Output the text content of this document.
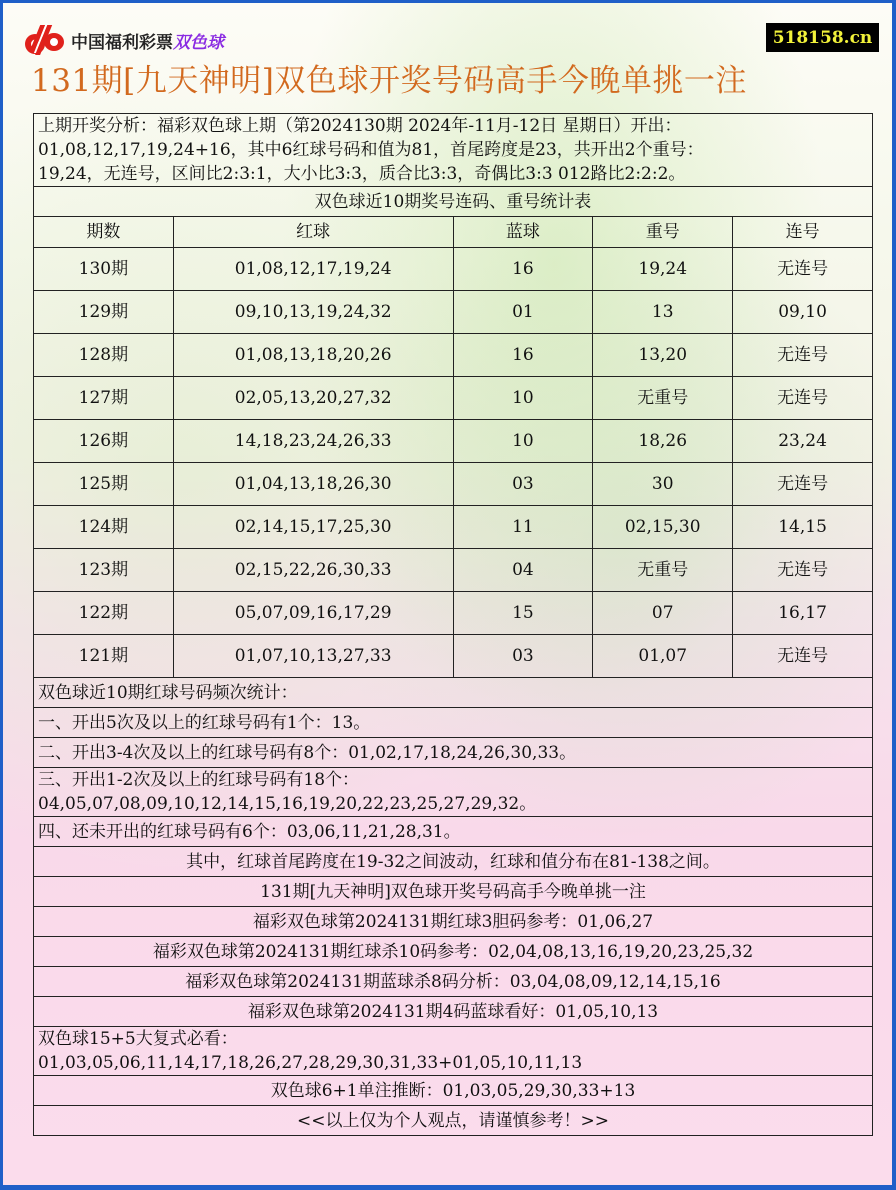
中国福利彩票双色球	518158.cn
131期[九天神明]双色球开奖号码高手今晚单挑一注
上期开奖分析：福彩双色球上期（第2024130期 2024年-11月-12日 星期日）开出：
01,08,12,17,19,24+16，其中6红球号码和值为81，首尾跨度是23，共开出2个重号：
19,24，无连号，区间比2:3:1，大小比3:3，质合比3:3，奇偶比3:3 012路比2:2:2。				

双色球近10期奖号连码、重号统计表				
期数	红球	蓝球	重号	连号
130期	01,08,12,17,19,24	16	19,24	无连号
129期	09,10,13,19,24,32	01	13	09,10
128期	01,08,13,18,20,26	16	13,20	无连号
127期	02,05,13,20,27,32	10	无重号	无连号
126期	14,18,23,24,26,33	10	18,26	23,24
125期	01,04,13,18,26,30	03	30	无连号
124期	02,14,15,17,25,30	11	02,15,30	14,15
123期	02,15,22,26,30,33	04	无重号	无连号
122期	05,07,09,16,17,29	15	07	16,17
121期	01,07,10,13,27,33	03	01,07	无连号
双色球近10期红球号码频次统计：				
一、开出5次及以上的红球号码有1个：13。				
二、开出3-4次及以上的红球号码有8个：01,02,17,18,24,26,30,33。				

三、开出1-2次及以上的红球号码有18个：
04,05,07,08,09,10,12,14,15,16,19,20,22,23,25,27,29,32。				

四、还未开出的红球号码有6个：03,06,11,21,28,31。				
其中，红球首尾跨度在19-32之间波动，红球和值分布在81-138之间。				
131期[九天神明]双色球开奖号码高手今晚单挑一注				
福彩双色球第2024131期红球3胆码参考：01,06,27				
福彩双色球第2024131期红球杀10码参考：02,04,08,13,16,19,20,23,25,32				
福彩双色球第2024131期蓝球杀8码分析：03,04,08,09,12,14,15,16				
福彩双色球第2024131期4码蓝球看好：01,05,10,13				

双色球15+5大复式必看：
01,03,05,06,11,14,17,18,26,27,28,29,30,31,33+01,05,10,11,13				

双色球6+1单注推断：01,03,05,29,30,33+13				
<<以上仅为个人观点，请谨慎参考！>>				
